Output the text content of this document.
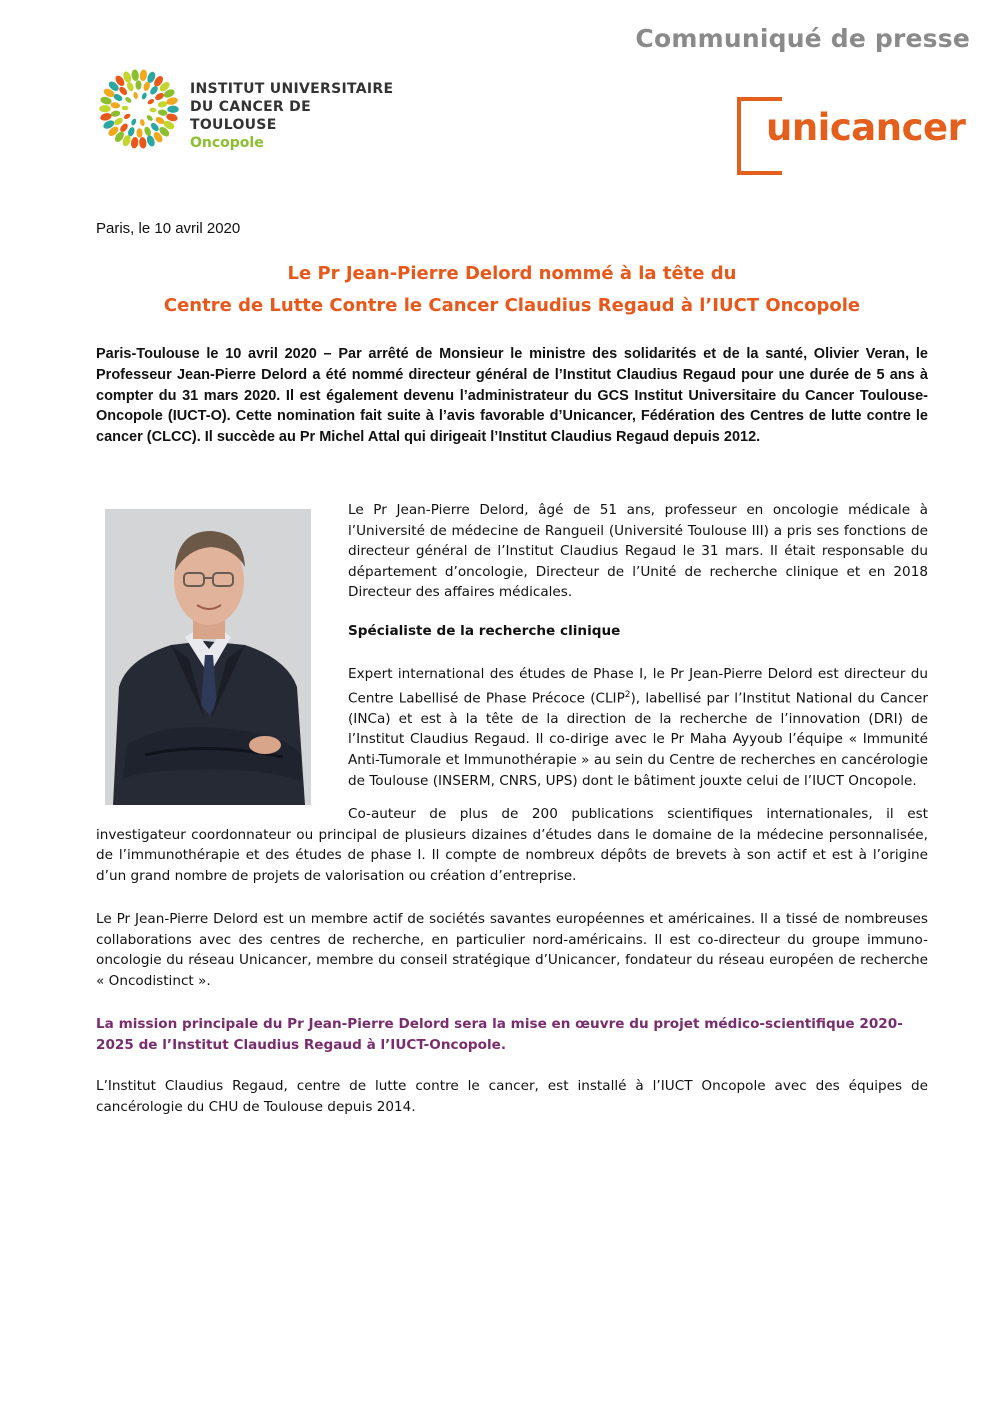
Communiqué de presse
INSTITUT UNIVERSITAIRE
DU CANCER DE TOULOUSE
Oncopole	unicancer
Paris, le 10 avril 2020
Le Pr Jean-Pierre Delord nommé à la tête du
Centre de Lutte Contre le Cancer Claudius Regaud à l’IUCT Oncopole
Paris-Toulouse le 10 avril 2020 – Par arrêté de Monsieur le ministre des solidarités et de la santé, Olivier Veran, le Professeur Jean-Pierre Delord a été nommé directeur général de l’Institut Claudius Regaud pour une durée de 5 ans à compter du 31 mars 2020. Il est également devenu l’administrateur du GCS Institut Universitaire du Cancer Toulouse-Oncopole (IUCT-O). Cette nomination fait suite à l’avis favorable d’Unicancer, Fédération des Centres de lutte contre le cancer (CLCC). Il succède au Pr Michel Attal qui dirigeait l’Institut Claudius Regaud depuis 2012.
Le Pr Jean-Pierre Delord, âgé de 51 ans, professeur en oncologie médicale à l’Université de médecine de Rangueil (Université Toulouse III) a pris ses fonctions de directeur général de l’Institut Claudius Regaud le 31 mars. Il était responsable du département d’oncologie, Directeur de l’Unité de recherche clinique et en 2018 Directeur des affaires médicales.
Spécialiste de la recherche clinique
Expert international des études de Phase I, le Pr Jean-Pierre Delord est directeur du Centre Labellisé de Phase Précoce (CLIP$^2$), labellisé par l’Institut National du Cancer (INCa) et est à la tête de la direction de la recherche de l’innovation (DRI) de l’Institut Claudius Regaud. Il co-dirige avec le Pr Maha Ayyoub l’équipe « Immunité Anti-Tumorale et Immunothérapie » au sein du Centre de recherches en cancérologie de Toulouse (INSERM, CNRS, UPS) dont le bâtiment jouxte celui de l’IUCT Oncopole.
Co-auteur de plus de 200 publications scientifiques internationales, il est investigateur coordonnateur ou principal de plusieurs dizaines d’études dans le domaine de la médecine personnalisée, de l’immunothérapie et des études de phase I. Il compte de nombreux dépôts de brevets à son actif et est à l’origine d’un grand nombre de projets de valorisation ou création d’entreprise.
Le Pr Jean-Pierre Delord est un membre actif de sociétés savantes européennes et américaines. Il a tissé de nombreuses collaborations avec des centres de recherche, en particulier nord-américains. Il est co-directeur du groupe immuno-oncologie du réseau Unicancer, membre du conseil stratégique d’Unicancer, fondateur du réseau européen de recherche « Oncodistinct ».
La mission principale du Pr Jean-Pierre Delord sera la mise en œuvre du projet médico-scientifique 2020-2025 de l’Institut Claudius Regaud à l’IUCT-Oncopole.
L’Institut Claudius Regaud, centre de lutte contre le cancer, est installé à l’IUCT Oncopole avec des équipes de cancérologie du CHU de Toulouse depuis 2014.
